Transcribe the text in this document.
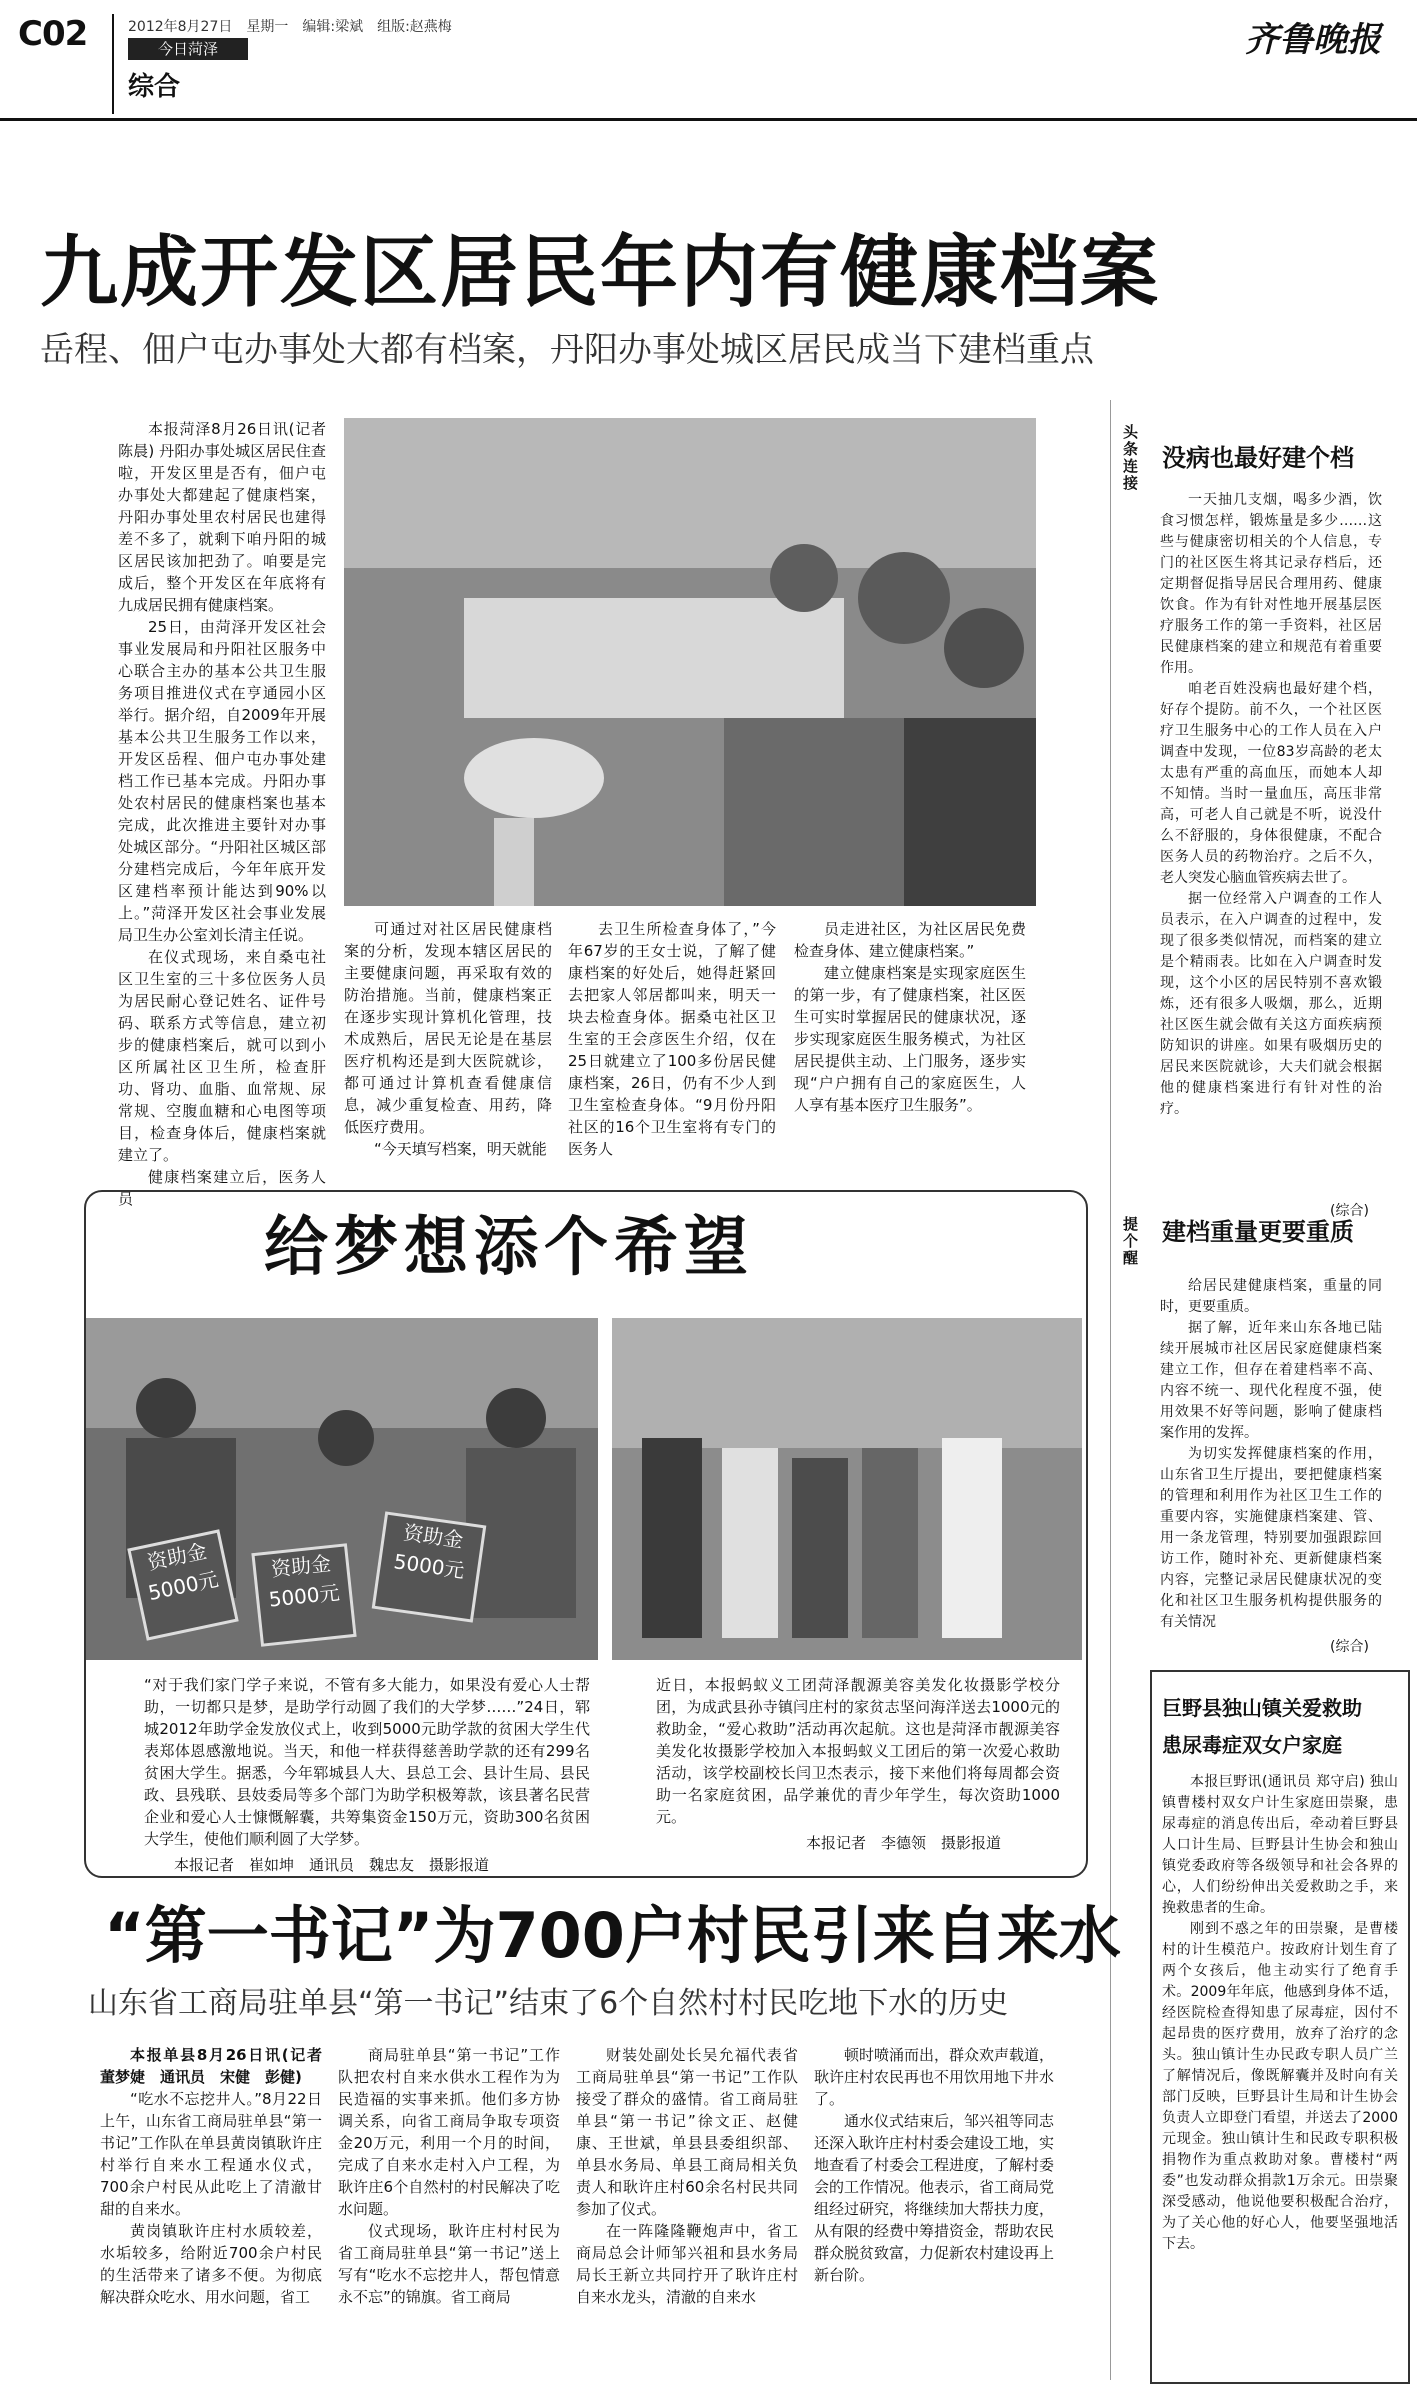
C02	2012年8月27日　星期一　编辑:梁斌　组版:赵燕梅
今日菏泽
综合
齐鲁晚报
九成开发区居民年内有健康档案
岳程、佃户屯办事处大都有档案，丹阳办事处城区居民成当下建档重点

本报菏泽8月26日讯(记者 陈晨) 丹阳办事处城区居民住查啦，开发区里是否有，佃户屯办事处大都建起了健康档案，丹阳办事处里农村居民也建得差不多了，就剩下咱丹阳的城区居民该加把劲了。咱要是完成后，整个开发区在年底将有九成居民拥有健康档案。

25日，由菏泽开发区社会事业发展局和丹阳社区服务中心联合主办的基本公共卫生服务项目推进仪式在亨通园小区举行。据介绍，自2009年开展基本公共卫生服务工作以来，开发区岳程、佃户屯办事处建档工作已基本完成。丹阳办事处农村居民的健康档案也基本完成，此次推进主要针对办事处城区部分。“丹阳社区城区部分建档完成后，今年年底开发区建档率预计能达到90%以上。”菏泽开发区社会事业发展局卫生办公室刘长清主任说。

在仪式现场，来自桑屯社区卫生室的三十多位医务人员为居民耐心登记姓名、证件号码、联系方式等信息，建立初步的健康档案后，就可以到小区所属社区卫生所，检查肝功、肾功、血脂、血常规、尿常规、空腹血糖和心电图等项目，检查身体后，健康档案就建立了。

健康档案建立后，医务人员

可通过对社区居民健康档案的分析，发现本辖区居民的主要健康问题，再采取有效的防治措施。当前，健康档案正在逐步实现计算机化管理，技术成熟后，居民无论是在基层医疗机构还是到大医院就诊，都可通过计算机查看健康信息，减少重复检查、用药，降低医疗费用。

“今天填写档案，明天就能

去卫生所检查身体了，”今年67岁的王女士说，了解了健康档案的好处后，她得赶紧回去把家人邻居都叫来，明天一块去检查身体。据桑屯社区卫生室的王会彦医生介绍，仅在25日就建立了100多份居民健康档案，26日，仍有不少人到卫生室检查身体。“9月份丹阳社区的16个卫生室将有专门的医务人

员走进社区，为社区居民免费检查身体、建立健康档案。”

建立健康档案是实现家庭医生的第一步，有了健康档案，社区医生可实时掌握居民的健康状况，逐步实现家庭医生服务模式，为社区居民提供主动、上门服务，逐步实现“户户拥有自己的家庭医生，人人享有基本医疗卫生服务”。

头条连接 没病也最好建个档

一天抽几支烟，喝多少酒，饮食习惯怎样，锻炼量是多少……这些与健康密切相关的个人信息，专门的社区医生将其记录存档后，还定期督促指导居民合理用药、健康饮食。作为有针对性地开展基层医疗服务工作的第一手资料，社区居民健康档案的建立和规范有着重要作用。

咱老百姓没病也最好建个档，好存个提防。前不久，一个社区医疗卫生服务中心的工作人员在入户调查中发现，一位83岁高龄的老太太患有严重的高血压，而她本人却不知情。当时一量血压，高压非常高，可老人自己就是不听，说没什么不舒服的，身体很健康，不配合医务人员的药物治疗。之后不久，老人突发心脑血管疾病去世了。

据一位经常入户调查的工作人员表示，在入户调查的过程中，发现了很多类似情况，而档案的建立是个精雨表。比如在入户调查时发现，这个小区的居民特别不喜欢锻炼，还有很多人吸烟，那么，近期社区医生就会做有关这方面疾病预防知识的讲座。如果有吸烟历史的居民来医院就诊，大夫们就会根据他的健康档案进行有针对性的治疗。

(综合)
提个醒 建档重量更要重质

给居民建健康档案，重量的同时，更要重质。

据了解，近年来山东各地已陆续开展城市社区居民家庭健康档案建立工作，但存在着建档率不高、内容不统一、现代化程度不强，使用效果不好等问题，影响了健康档案作用的发挥。

为切实发挥健康档案的作用，山东省卫生厅提出，要把健康档案的管理和利用作为社区卫生工作的重要内容，实施健康档案建、管、用一条龙管理，特别要加强跟踪回访工作，随时补充、更新健康档案内容，完整记录居民健康状况的变化和社区卫生服务机构提供服务的有关情况

(综合)
巨野县独山镇关爱救助
患尿毒症双女户家庭

本报巨野讯(通讯员 郑守启) 独山镇曹楼村双女户计生家庭田崇聚，患尿毒症的消息传出后，牵动着巨野县人口计生局、巨野县计生协会和独山镇党委政府等各级领导和社会各界的心，人们纷纷伸出关爱救助之手，来挽救患者的生命。

刚到不惑之年的田崇聚，是曹楼村的计生模范户。按政府计划生育了两个女孩后，他主动实行了绝育手术。2009年年底，他感到身体不适，经医院检查得知患了尿毒症，因付不起昂贵的医疗费用，放弃了治疗的念头。独山镇计生办民政专职人员广兰了解情况后，像既解囊并及时向有关部门反映，巨野县计生局和计生协会负责人立即登门看望，并送去了2000元现金。独山镇计生和民政专职积极捐物作为重点救助对象。曹楼村“两委”也发动群众捐款1万余元。田崇聚深受感动，他说他要积极配合治疗，为了关心他的好心人，他要坚强地活下去。

给梦想添个希望
资助金
5000元
资助金
5000元
资助金
5000元
“对于我们家门学子来说，不管有多大能力，如果没有爱心人士帮助，一切都只是梦，是助学行动圆了我们的大学梦……”24日，郓城2012年助学金发放仪式上，收到5000元助学款的贫困大学生代表郑体恩感激地说。当天，和他一样获得慈善助学款的还有299名贫困大学生。据悉，今年郓城县人大、县总工会、县计生局、县民政、县残联、县妓委局等多个部门为助学积极筹款，该县著名民营企业和爱心人士慷慨解囊，共筹集资金150万元，资助300名贫困大学生，使他们顺利圆了大学梦。
本报记者　崔如坤　通讯员　魏忠友　摄影报道
近日，本报蚂蚁义工团菏泽靓源美容美发化妆摄影学校分团，为成武县孙寺镇闫庄村的家贫志坚问海洋送去1000元的救助金，“爱心救助”活动再次起航。这也是菏泽市靓源美容美发化妆摄影学校加入本报蚂蚁义工团后的第一次爱心救助活动，该学校副校长闫卫杰表示，接下来他们将每周都会资助一名家庭贫困，品学兼优的青少年学生，每次资助1000元。
本报记者　李德领　摄影报道
“第一书记”为700户村民引来自来水
山东省工商局驻单县“第一书记”结束了6个自然村村民吃地下水的历史

本报单县8月26日讯(记者 董梦婕　通讯员　宋健　彭健)

“吃水不忘挖井人。”8月22日上午，山东省工商局驻单县“第一书记”工作队在单县黄岗镇耿许庄村举行自来水工程通水仪式，700余户村民从此吃上了清澈甘甜的自来水。

黄岗镇耿许庄村水质较差，水垢较多，给附近700余户村民的生活带来了诸多不便。为彻底解决群众吃水、用水问题，省工

商局驻单县“第一书记”工作队把农村自来水供水工程作为为民造福的实事来抓。他们多方协调关系，向省工商局争取专项资金20万元，利用一个月的时间，完成了自来水走村入户工程，为耿许庄6个自然村的村民解决了吃水问题。

仪式现场，耿许庄村村民为省工商局驻单县“第一书记”送上写有“吃水不忘挖井人，帮包情意永不忘”的锦旗。省工商局

财装处副处长吴允福代表省工商局驻单县“第一书记”工作队接受了群众的盛情。省工商局驻单县“第一书记”徐文正、赵健康、王世斌，单县县委组织部、单县水务局、单县工商局相关负责人和耿许庄村60余名村民共同参加了仪式。

在一阵隆隆鞭炮声中，省工商局总会计师邹兴祖和县水务局局长王新立共同拧开了耿许庄村自来水龙头，清澈的自来水

顿时喷涌而出，群众欢声载道，耿许庄村农民再也不用饮用地下井水了。

通水仪式结束后，邹兴祖等同志还深入耿许庄村村委会建设工地，实地查看了村委会工程进度，了解村委会的工作情况。他表示，省工商局党组经过研究，将继续加大帮扶力度，从有限的经费中筹措资金，帮助农民群众脱贫致富，力促新农村建设再上新台阶。
